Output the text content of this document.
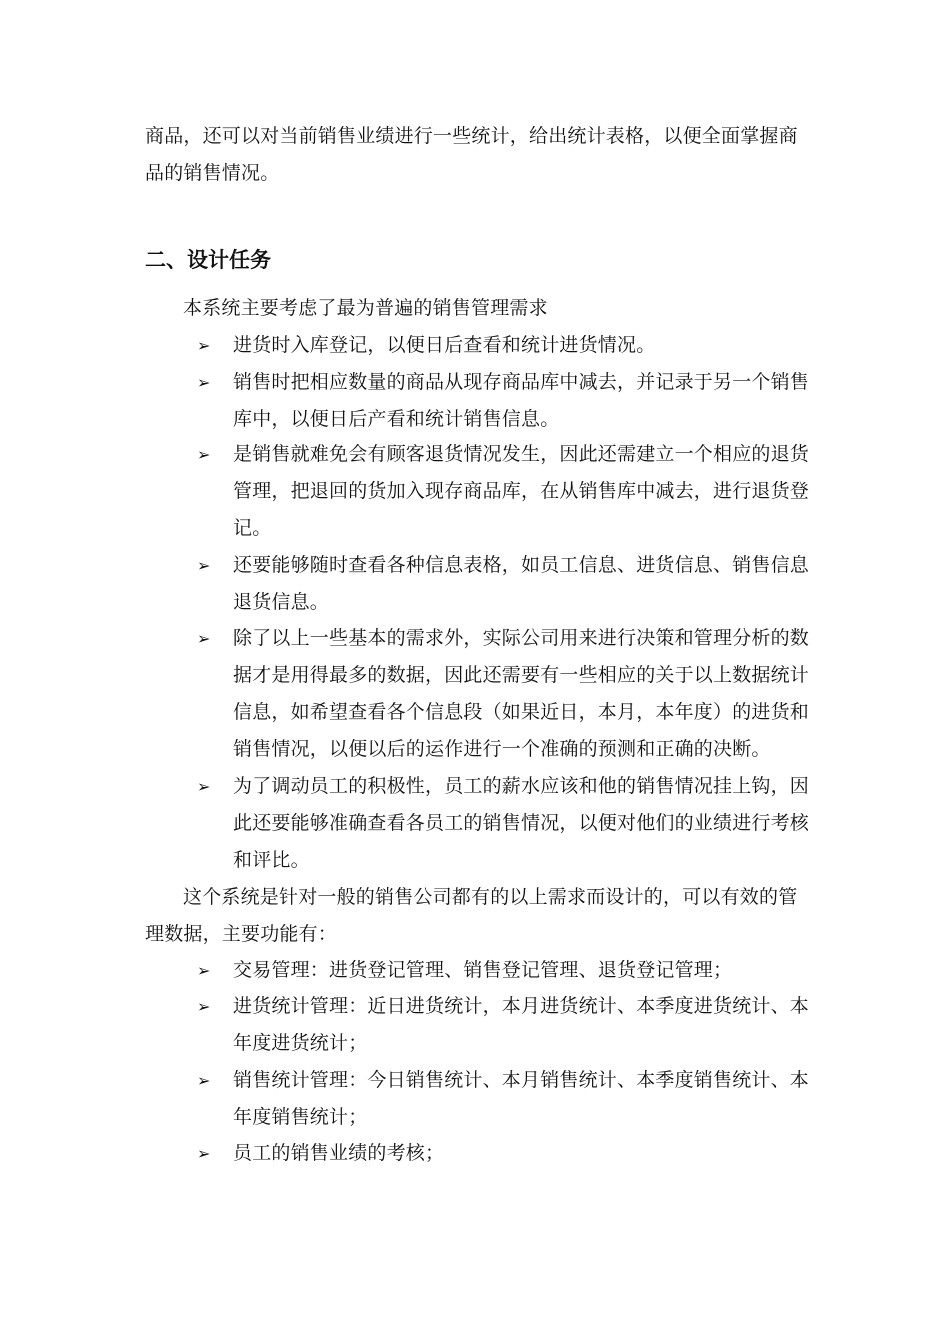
商品，还可以对当前销售业绩进行一些统计，给出统计表格，以便全面掌握商品的销售情况。

二、设计任务

本系统主要考虑了最为普遍的销售管理需求

➢	进货时入库登记，以便日后查看和统计进货情况。
➢	销售时把相应数量的商品从现存商品库中减去，并记录于另一个销售库中，以便日后产看和统计销售信息。
➢	是销售就难免会有顾客退货情况发生，因此还需建立一个相应的退货管理，把退回的货加入现存商品库，在从销售库中减去，进行退货登记。
➢	还要能够随时查看各种信息表格，如员工信息、进货信息、销售信息退货信息。
➢	除了以上一些基本的需求外，实际公司用来进行决策和管理分析的数据才是用得最多的数据，因此还需要有一些相应的关于以上数据统计信息，如希望查看各个信息段（如果近日，本月，本年度）的进货和销售情况，以便以后的运作进行一个准确的预测和正确的决断。
➢	为了调动员工的积极性，员工的薪水应该和他的销售情况挂上钩，因此还要能够准确查看各员工的销售情况，以便对他们的业绩进行考核和评比。

这个系统是针对一般的销售公司都有的以上需求而设计的，可以有效的管理数据，主要功能有：

➢	交易管理：进货登记管理、销售登记管理、退货登记管理；
➢	进货统计管理：近日进货统计，本月进货统计、本季度进货统计、本年度进货统计；
➢	销售统计管理：今日销售统计、本月销售统计、本季度销售统计、本年度销售统计；
➢	员工的销售业绩的考核；
